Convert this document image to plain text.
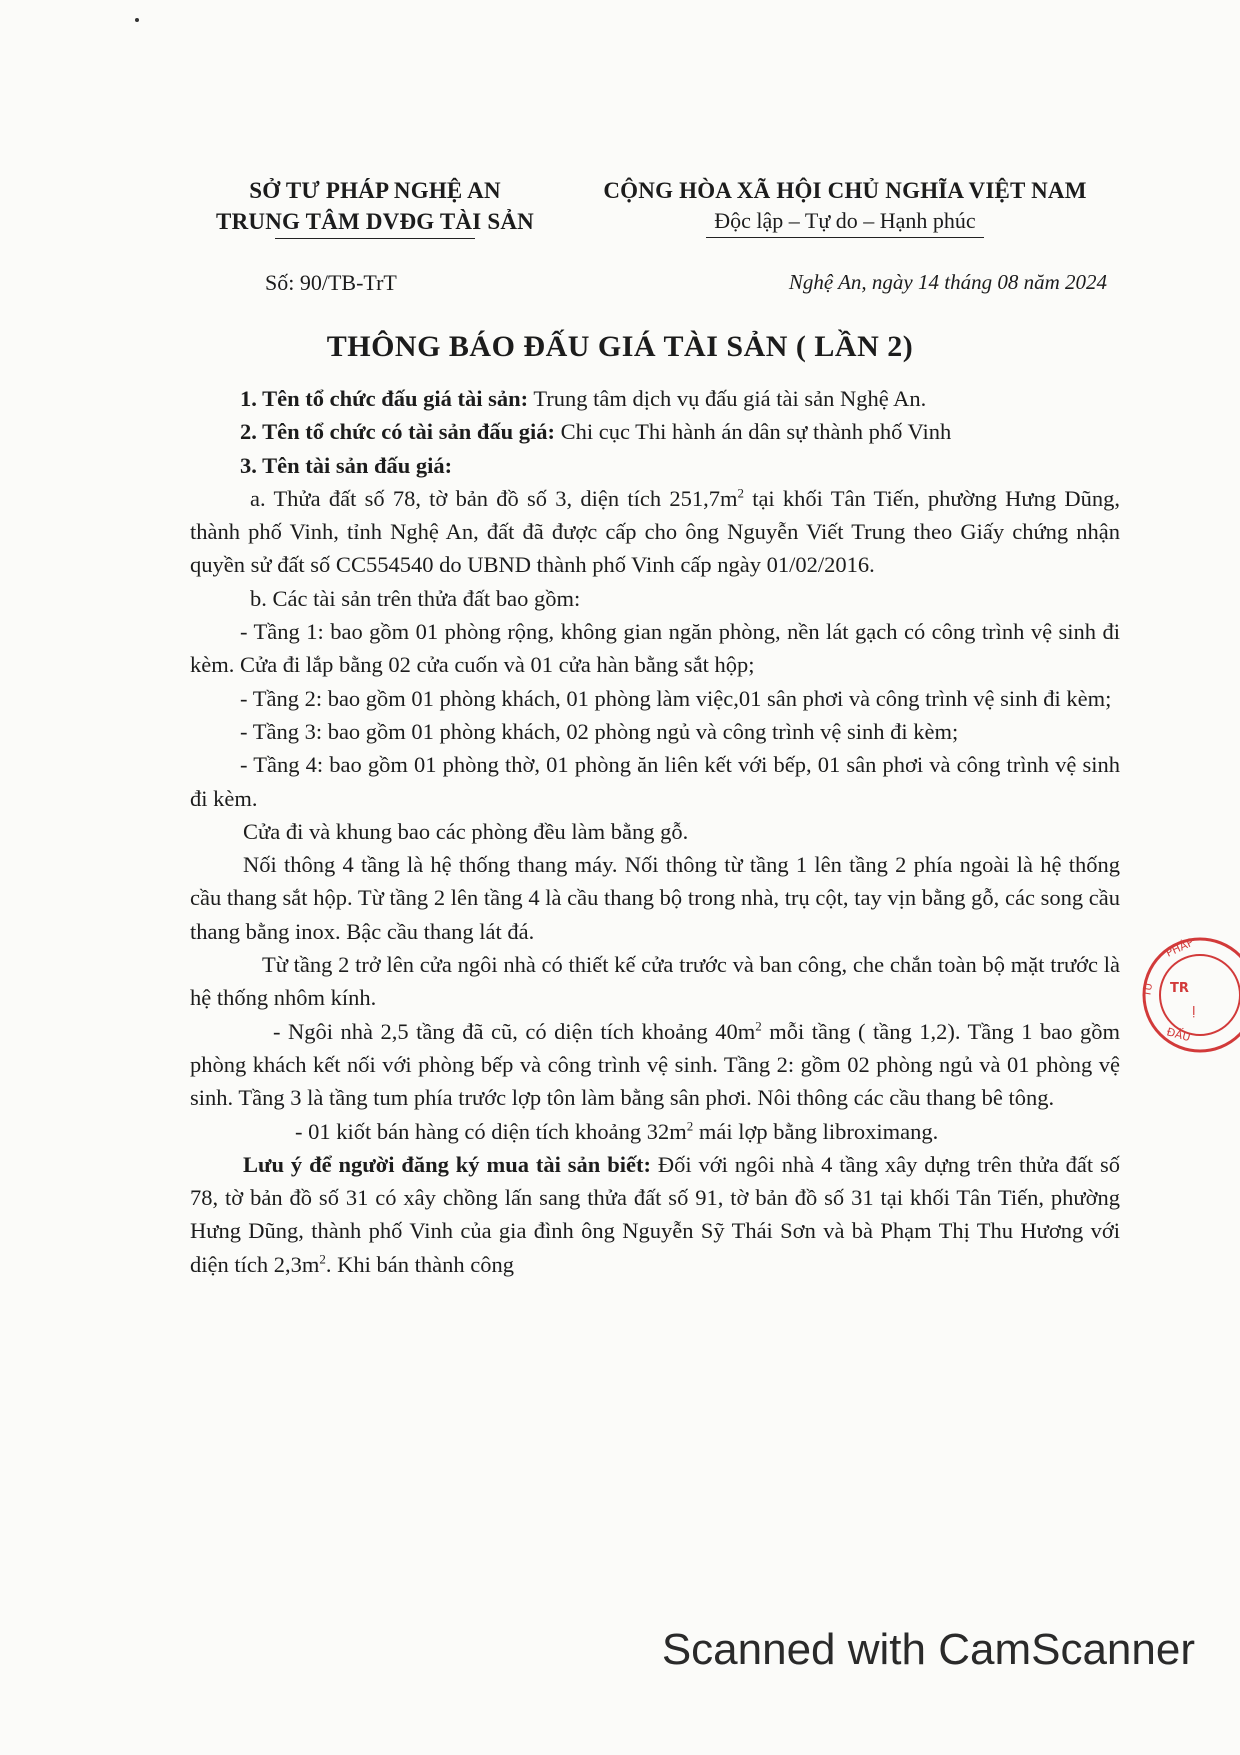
SỞ TƯ PHÁP NGHỆ AN
TRUNG TÂM DVĐG TÀI SẢN
CỘNG HÒA XÃ HỘI CHỦ NGHĨA VIỆT NAM
Độc lập – Tự do – Hạnh phúc
Số: 90/TB-TrT	Nghệ An, ngày 14 tháng 08 năm 2024
THÔNG BÁO ĐẤU GIÁ TÀI SẢN ( LẦN 2)

1. Tên tổ chức đấu giá tài sản: Trung tâm dịch vụ đấu giá tài sản Nghệ An.

2. Tên tổ chức có tài sản đấu giá: Chi cục Thi hành án dân sự thành phố Vinh

3. Tên tài sản đấu giá:

a. Thửa đất số 78, tờ bản đồ số 3, diện tích $251,7m^2$ tại khối Tân Tiến, phường Hưng Dũng, thành phố Vinh, tỉnh Nghệ An, đất đã được cấp cho ông Nguyễn Viết Trung theo Giấy chứng nhận quyền sử đất số CC554540 do UBND thành phố Vinh cấp ngày 01/02/2016.

b. Các tài sản trên thửa đất bao gồm:

- Tầng 1: bao gồm 01 phòng rộng, không gian ngăn phòng, nền lát gạch có công trình vệ sinh đi kèm. Cửa đi lắp bằng 02 cửa cuốn và 01 cửa hàn bằng sắt hộp;

- Tầng 2: bao gồm 01 phòng khách, 01 phòng làm việc,01 sân phơi và công trình vệ sinh đi kèm;

- Tầng 3: bao gồm 01 phòng khách, 02 phòng ngủ và công trình vệ sinh đi kèm;

- Tầng 4: bao gồm 01 phòng thờ, 01 phòng ăn liên kết với bếp, 01 sân phơi và công trình vệ sinh đi kèm.

Cửa đi và khung bao các phòng đều làm bằng gỗ.

Nối thông 4 tầng là hệ thống thang máy. Nối thông từ tầng 1 lên tầng 2 phía ngoài là hệ thống cầu thang sắt hộp. Từ tầng 2 lên tầng 4 là cầu thang bộ trong nhà, trụ cột, tay vịn bằng gỗ, các song cầu thang bằng inox. Bậc cầu thang lát đá.

Từ tầng 2 trở lên cửa ngôi nhà có thiết kế cửa trước và ban công, che chắn toàn bộ mặt trước là hệ thống nhôm kính.

- Ngôi nhà 2,5 tầng đã cũ, có diện tích khoảng $40m^2$ mỗi tầng ( tầng 1,2). Tầng 1 bao gồm phòng khách kết nối với phòng bếp và công trình vệ sinh. Tầng 2: gồm 02 phòng ngủ và 01 phòng vệ sinh. Tầng 3 là tầng tum phía trước lợp tôn làm bằng sân phơi. Nôi thông các cầu thang bê tông.

- 01 kiốt bán hàng có diện tích khoảng $32m^2$ mái lợp bằng libroximang.

Lưu ý để người đăng ký mua tài sản biết: Đối với ngôi nhà 4 tầng xây dựng trên thửa đất số 78, tờ bản đồ số 31 có xây chồng lấn sang thửa đất số 91, tờ bản đồ số 31 tại khối Tân Tiến, phường Hưng Dũng, thành phố Vinh của gia đình ông Nguyễn Sỹ Thái Sơn và bà Phạm Thị Thu Hương với diện tích $2,3m^2$. Khi bán thành công

PHÁP
TƯ TR
Ị
ĐẤU
Scanned with CamScanner
